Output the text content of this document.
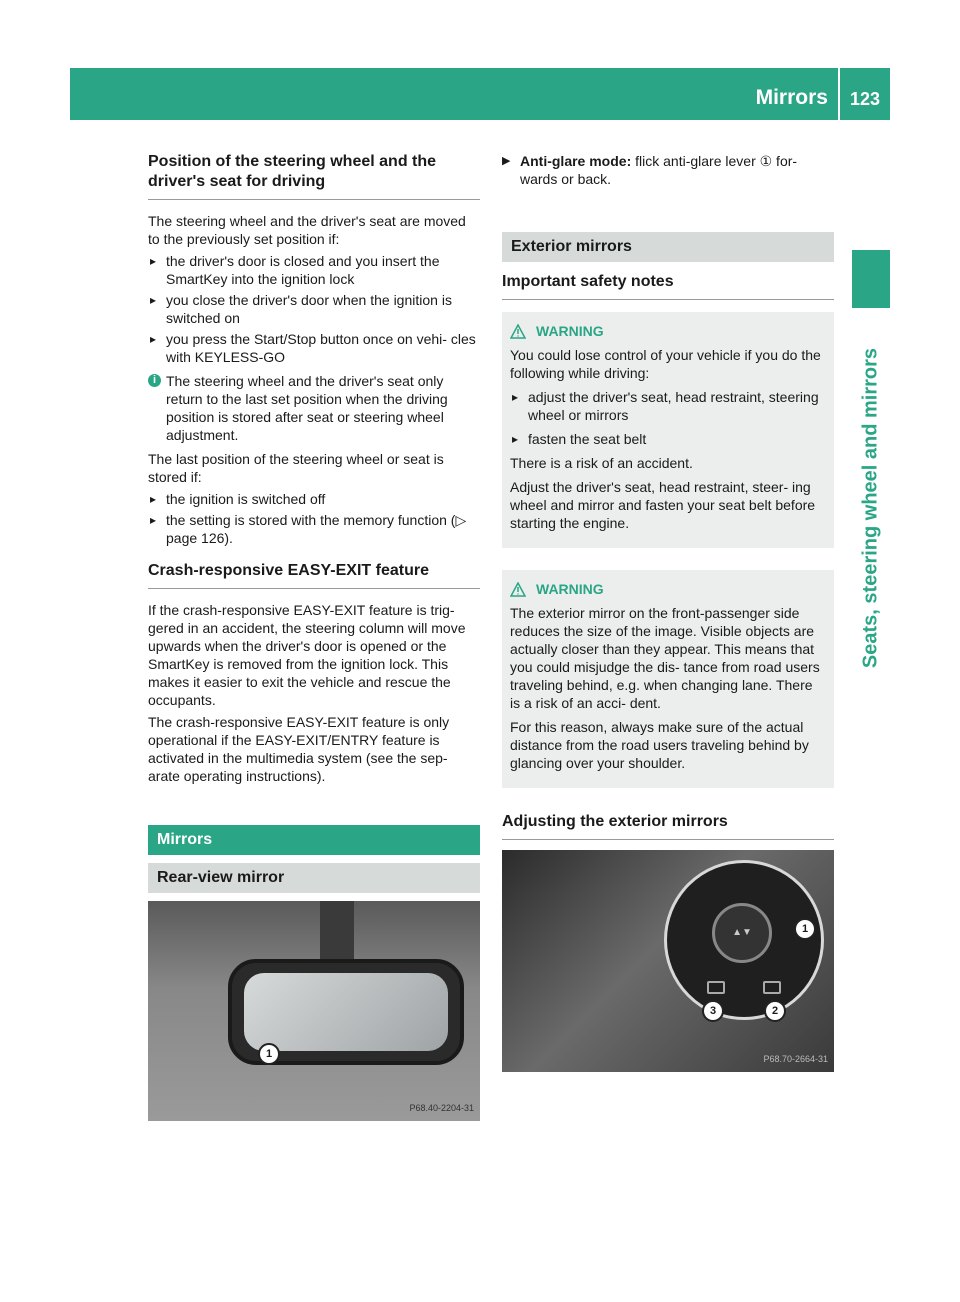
Mirrors	123
Seats, steering wheel and mirrors
Position of the steering wheel and the driver's seat for driving

The steering wheel and the driver's seat are moved to the previously set position if:

▸ the driver's door is closed and you insert the SmartKey into the ignition lock
▸ you close the driver's door when the ignition is switched on
▸ you press the Start/Stop button once on vehi- cles with KEYLESS-GO
i The steering wheel and the driver's seat only return to the last set position when the driving position is stored after seat or steering wheel adjustment.

The last position of the steering wheel or seat is stored if:

▸ the ignition is switched off
▸ the setting is stored with the memory function (▷ page 126).
Crash-responsive EASY-EXIT feature

If the crash-responsive EASY-EXIT feature is trig- gered in an accident, the steering column will move upwards when the driver's door is opened or the SmartKey is removed from the ignition lock. This makes it easier to exit the vehicle and rescue the occupants.

The crash-responsive EASY-EXIT feature is only operational if the EASY-EXIT/ENTRY feature is activated in the multimedia system (see the sep- arate operating instructions).

Mirrors
Rear-view mirror
1
P68.40-2204-31
▶ Anti-glare mode: flick anti-glare lever ① for- wards or back.
Exterior mirrors
Important safety notes
WARNING

You could lose control of your vehicle if you do the following while driving:

▸ adjust the driver's seat, head restraint, steering wheel or mirrors
▸ fasten the seat belt

There is a risk of an accident.

Adjust the driver's seat, head restraint, steer- ing wheel and mirror and fasten your seat belt before starting the engine.

WARNING

The exterior mirror on the front-passenger side reduces the size of the image. Visible objects are actually closer than they appear. This means that you could misjudge the dis- tance from road users traveling behind, e.g. when changing lane. There is a risk of an acci- dent.

For this reason, always make sure of the actual distance from the road users traveling behind by glancing over your shoulder.

Adjusting the exterior mirrors
▲▼	1
2
3
P68.70-2664-31
